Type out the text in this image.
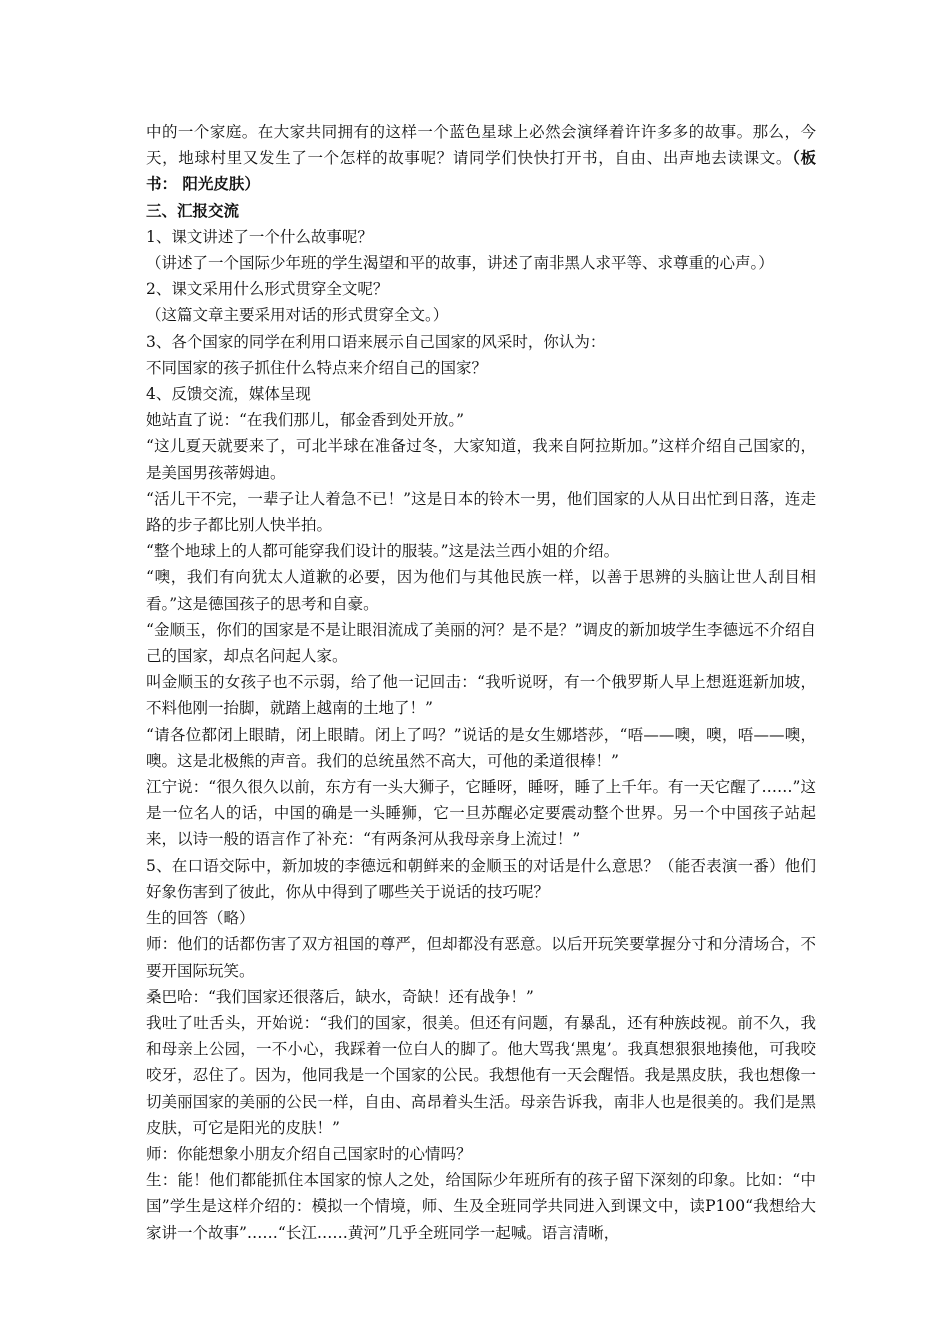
中的一个家庭。在大家共同拥有的这样一个蓝色星球上必然会演绎着许许多多的故事。那么，今天，地球村里又发生了一个怎样的故事呢？请同学们快快打开书，自由、出声地去读课文。（板书： 阳光皮肤）

三、汇报交流

1、课文讲述了一个什么故事呢？

（讲述了一个国际少年班的学生渴望和平的故事，讲述了南非黑人求平等、求尊重的心声。）

2、课文采用什么形式贯穿全文呢？

（这篇文章主要采用对话的形式贯穿全文。）

3、各个国家的同学在利用口语来展示自己国家的风采时，你认为：

不同国家的孩子抓住什么特点来介绍自己的国家？

4、反馈交流，媒体呈现

她站直了说：“在我们那儿，郁金香到处开放。”

“这儿夏天就要来了，可北半球在准备过冬，大家知道，我来自阿拉斯加。”这样介绍自己国家的，是美国男孩蒂姆迪。

“活儿干不完，一辈子让人着急不已！”这是日本的铃木一男，他们国家的人从日出忙到日落，连走路的步子都比别人快半拍。

“整个地球上的人都可能穿我们设计的服装。”这是法兰西小姐的介绍。

“噢，我们有向犹太人道歉的必要，因为他们与其他民族一样，以善于思辨的头脑让世人刮目相看。”这是德国孩子的思考和自豪。

“金顺玉，你们的国家是不是让眼泪流成了美丽的河？是不是？”调皮的新加坡学生李德远不介绍自己的国家，却点名问起人家。

叫金顺玉的女孩子也不示弱，给了他一记回击：“我听说呀，有一个俄罗斯人早上想逛逛新加坡，不料他刚一抬脚，就踏上越南的土地了！”

“请各位都闭上眼睛，闭上眼睛。闭上了吗？”说话的是女生娜塔莎，“唔——噢，噢，唔——噢，噢。这是北极熊的声音。我们的总统虽然不高大，可他的柔道很棒！”

江宁说：“很久很久以前，东方有一头大狮子，它睡呀，睡呀，睡了上千年。有一天它醒了……”这是一位名人的话，中国的确是一头睡狮，它一旦苏醒必定要震动整个世界。另一个中国孩子站起来，以诗一般的语言作了补充：“有两条河从我母亲身上流过！”

5、在口语交际中，新加坡的李德远和朝鲜来的金顺玉的对话是什么意思？（能否表演一番）他们好象伤害到了彼此，你从中得到了哪些关于说话的技巧呢？

生的回答（略）

师：他们的话都伤害了双方祖国的尊严，但却都没有恶意。以后开玩笑要掌握分寸和分清场合，不要开国际玩笑。

桑巴哈：“我们国家还很落后，缺水，奇缺！还有战争！”

我吐了吐舌头，开始说：“我们的国家，很美。但还有问题，有暴乱，还有种族歧视。前不久，我和母亲上公园，一不小心，我踩着一位白人的脚了。他大骂我‘黑鬼’。我真想狠狠地揍他，可我咬咬牙，忍住了。因为，他同我是一个国家的公民。我想他有一天会醒悟。我是黑皮肤，我也想像一切美丽国家的美丽的公民一样，自由、高昂着头生活。母亲告诉我，南非人也是很美的。我们是黑皮肤，可它是阳光的皮肤！”

师：你能想象小朋友介绍自己国家时的心情吗？

生：能！他们都能抓住本国家的惊人之处，给国际少年班所有的孩子留下深刻的印象。比如：“中国”学生是这样介绍的：模拟一个情境，师、生及全班同学共同进入到课文中，读P100“我想给大家讲一个故事”……“长江……黄河”几乎全班同学一起喊。语言清晰，
